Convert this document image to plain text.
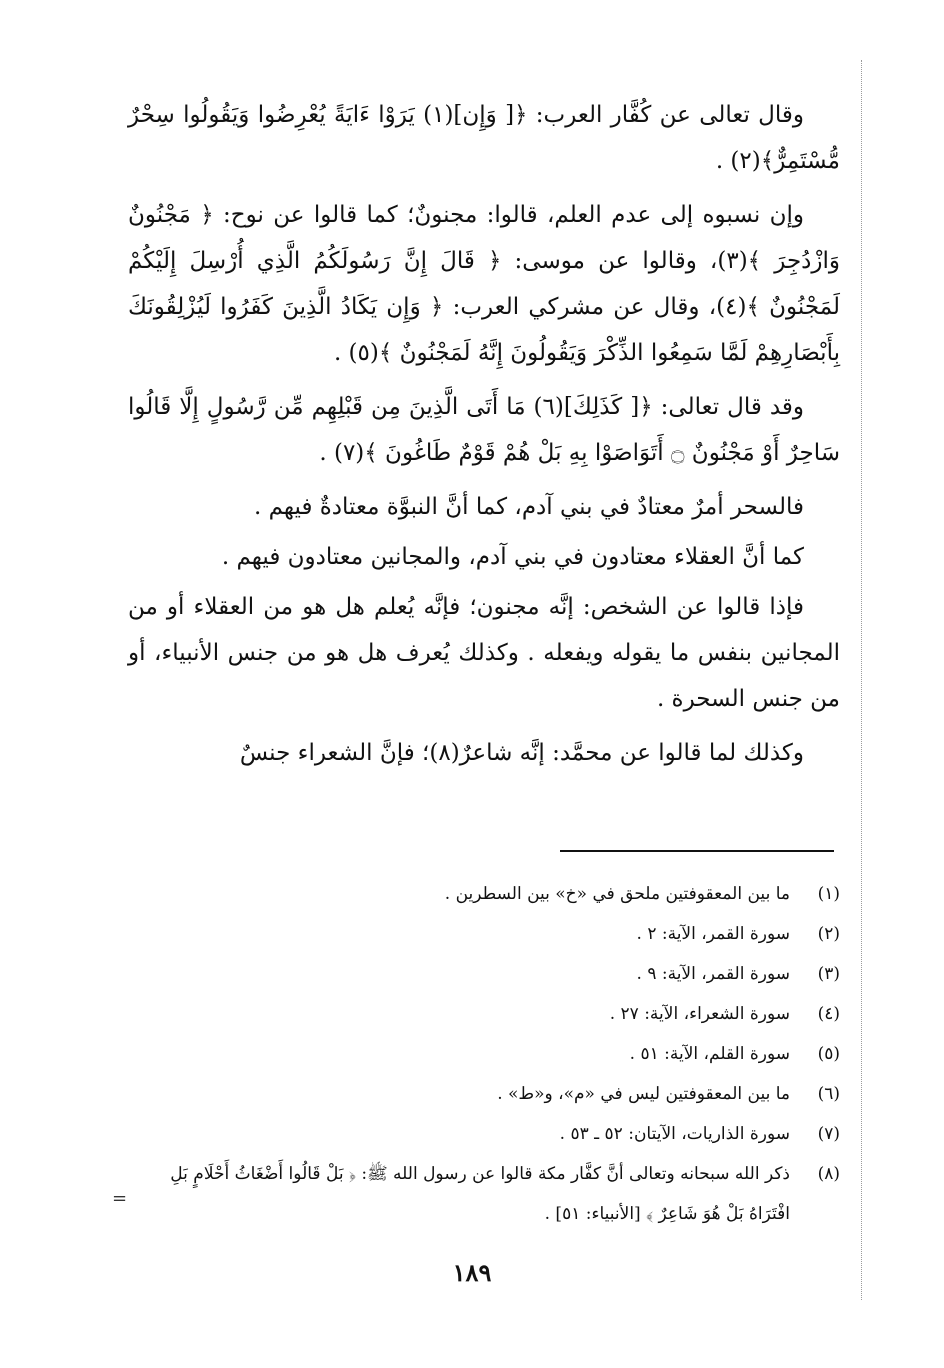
وقال تعالى عن كُفَّار العرب: ﴿[ وَإِن](١) يَرَوْا ءَايَةً يُعْرِضُوا وَيَقُولُوا سِحْرٌ مُّسْتَمِرٌّ﴾(٢) .

وإن نسبوه إلى عدم العلم، قالوا: مجنونٌ؛ كما قالوا عن نوح: ﴿ مَجْنُونٌ وَازْدُجِرَ ﴾(٣)، وقالوا عن موسى: ﴿ قَالَ إِنَّ رَسُولَكُمُ الَّذِي أُرْسِلَ إِلَيْكُمْ لَمَجْنُونٌ ﴾(٤)، وقال عن مشركي العرب: ﴿ وَإِن يَكَادُ الَّذِينَ كَفَرُوا لَيُزْلِقُونَكَ بِأَبْصَارِهِمْ لَمَّا سَمِعُوا الذِّكْرَ وَيَقُولُونَ إِنَّهُ لَمَجْنُونٌ ﴾(٥) .

وقد قال تعالى: ﴿[ كَذَلِكَ](٦) مَا أَتَى الَّذِينَ مِن قَبْلِهِم مِّن رَّسُولٍ إِلَّا قَالُوا سَاحِرٌ أَوْ مَجْنُونٌ ۝ أَتَوَاصَوْا بِهِ بَلْ هُمْ قَوْمٌ طَاغُونَ ﴾(٧) .

فالسحر أمرٌ معتادٌ في بني آدم، كما أنَّ النبوَّة معتادةٌ فيهم .

كما أنَّ العقلاء معتادون في بني آدم، والمجانين معتادون فيهم .

فإذا قالوا عن الشخص: إنَّه مجنون؛ فإنَّه يُعلم هل هو من العقلاء أو من المجانين بنفس ما يقوله ويفعله . وكذلك يُعرف هل هو من جنس الأنبياء، أو من جنس السحرة .

وكذلك لما قالوا عن محمَّد: إنَّه شاعرٌ(٨)؛ فإنَّ الشعراء جنسٌ

(١)
ما بين المعقوفتين ملحق في «خ» بين السطرين .
(٢)
سورة القمر، الآية: ٢ .
(٣)
سورة القمر، الآية: ٩ .
(٤)
سورة الشعراء، الآية: ٢٧ .
(٥)
سورة القلم، الآية: ٥١ .
(٦)
ما بين المعقوفتين ليس في «م»، و«ط» .
(٧)
سورة الذاريات، الآيتان: ٥٢ ـ ٥٣ .
(٨)
ذكر الله سبحانه وتعالى أنَّ كفَّار مكة قالوا عن رسول الله ﷺ: ﴿ بَلْ قَالُوا أَضْغَاثُ أَحْلَامٍ بَلِ افْتَرَاهُ بَلْ هُوَ شَاعِرٌ ﴾ [الأنبياء: ٥١] .
=
١٨٩
